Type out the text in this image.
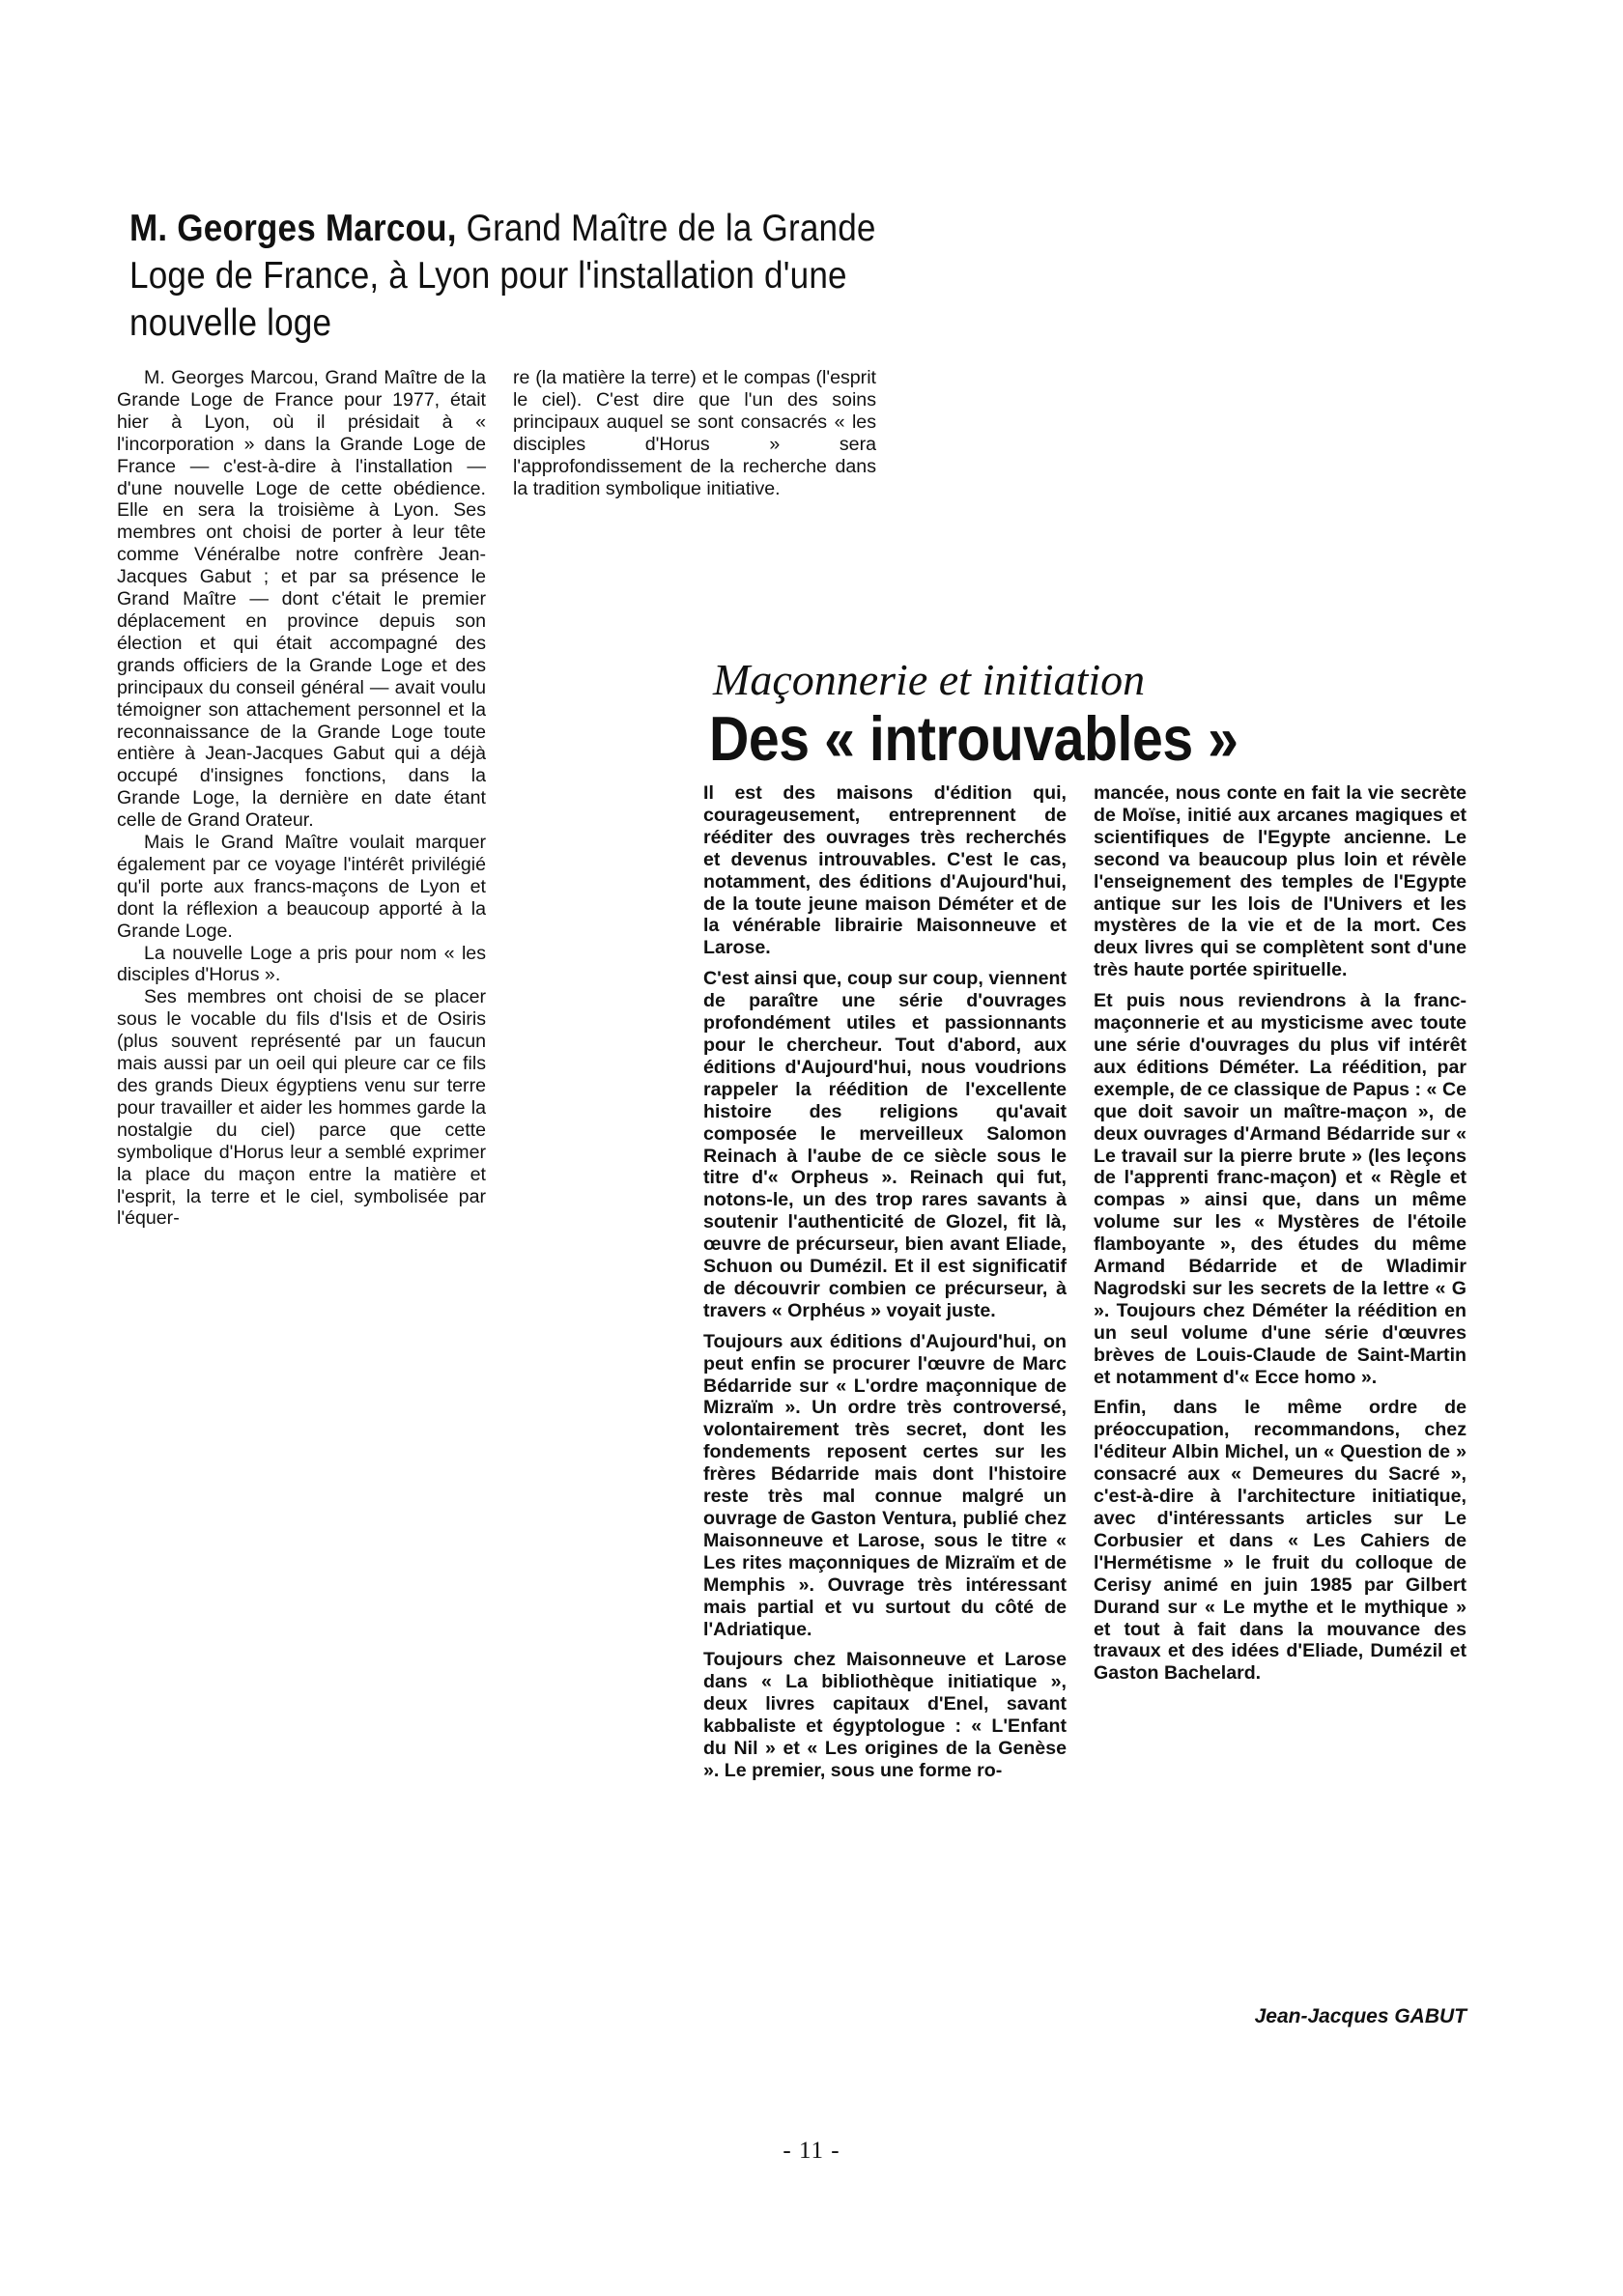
M. Georges Marcou, Grand Maître de la Grande Loge de France, à Lyon pour l'installation d'une nouvelle loge

M. Georges Marcou, Grand Maître de la Grande Loge de France pour 1977, était hier à Lyon, où il présidait à « l'incorporation » dans la Grande Loge de France — c'est-à-dire à l'installation — d'une nouvelle Loge de cette obédience. Elle en sera la troisième à Lyon. Ses membres ont choisi de porter à leur tête comme Vénéralbe notre confrère Jean-Jacques Gabut ; et par sa présence le Grand Maître — dont c'était le premier déplacement en province depuis son élection et qui était accompagné des grands officiers de la Grande Loge et des principaux du conseil général — avait voulu témoigner son attachement personnel et la reconnaissance de la Grande Loge toute entière à Jean-Jacques Gabut qui a déjà occupé d'insignes fonctions, dans la Grande Loge, la dernière en date étant celle de Grand Orateur.

Mais le Grand Maître voulait marquer également par ce voyage l'intérêt privilégié qu'il porte aux francs-maçons de Lyon et dont la réflexion a beaucoup apporté à la Grande Loge.

La nouvelle Loge a pris pour nom « les disciples d'Horus ».

Ses membres ont choisi de se placer sous le vocable du fils d'Isis et de Osiris (plus souvent représenté par un faucun mais aussi par un oeil qui pleure car ce fils des grands Dieux égyptiens venu sur terre pour travailler et aider les hommes garde la nostalgie du ciel) parce que cette symbolique d'Horus leur a semblé exprimer la place du maçon entre la matière et l'esprit, la terre et le ciel, symbolisée par l'équer-

re (la matière la terre) et le compas (l'esprit le ciel). C'est dire que l'un des soins principaux auquel se sont consacrés « les disciples d'Horus » sera l'approfondissement de la recherche dans la tradition symbolique initiative.

Maçonnerie et initiation
Des « introuvables »

Il est des maisons d'édition qui, courageusement, entreprennent de rééditer des ouvrages très recherchés et devenus introuvables. C'est le cas, notamment, des éditions d'Aujourd'hui, de la toute jeune maison Déméter et de la vénérable librairie Maisonneuve et Larose.

C'est ainsi que, coup sur coup, viennent de paraître une série d'ouvrages profondément utiles et passionnants pour le chercheur. Tout d'abord, aux éditions d'Aujourd'hui, nous voudrions rappeler la réédition de l'excellente histoire des religions qu'avait composée le merveilleux Salomon Reinach à l'aube de ce siècle sous le titre d'« Orpheus ». Reinach qui fut, notons-le, un des trop rares savants à soutenir l'authenticité de Glozel, fit là, œuvre de précurseur, bien avant Eliade, Schuon ou Dumézil. Et il est significatif de découvrir combien ce précurseur, à travers « Orphéus » voyait juste.

Toujours aux éditions d'Aujourd'hui, on peut enfin se procurer l'œuvre de Marc Bédarride sur « L'ordre maçonnique de Mizraïm ». Un ordre très controversé, volontairement très secret, dont les fondements reposent certes sur les frères Bédarride mais dont l'histoire reste très mal connue malgré un ouvrage de Gaston Ventura, publié chez Maisonneuve et Larose, sous le titre « Les rites maçonniques de Mizraïm et de Memphis ». Ouvrage très intéressant mais partial et vu surtout du côté de l'Adriatique.

Toujours chez Maisonneuve et Larose dans « La bibliothèque initiatique », deux livres capitaux d'Enel, savant kabbaliste et égyptologue : « L'Enfant du Nil » et « Les origines de la Genèse ». Le premier, sous une forme ro-

mancée, nous conte en fait la vie secrète de Moïse, initié aux arcanes magiques et scientifiques de l'Egypte ancienne. Le second va beaucoup plus loin et révèle l'enseignement des temples de l'Egypte antique sur les lois de l'Univers et les mystères de la vie et de la mort. Ces deux livres qui se complètent sont d'une très haute portée spirituelle.

Et puis nous reviendrons à la franc-maçonnerie et au mysticisme avec toute une série d'ouvrages du plus vif intérêt aux éditions Déméter. La réédition, par exemple, de ce classique de Papus : « Ce que doit savoir un maître-maçon », de deux ouvrages d'Armand Bédarride sur « Le travail sur la pierre brute » (les leçons de l'apprenti franc-maçon) et « Règle et compas » ainsi que, dans un même volume sur les « Mystères de l'étoile flamboyante », des études du même Armand Bédarride et de Wladimir Nagrodski sur les secrets de la lettre « G ». Toujours chez Déméter la réédition en un seul volume d'une série d'œuvres brèves de Louis-Claude de Saint-Martin et notamment d'« Ecce homo ».

Enfin, dans le même ordre de préoccupation, recommandons, chez l'éditeur Albin Michel, un « Question de » consacré aux « Demeures du Sacré », c'est-à-dire à l'architecture initiatique, avec d'intéressants articles sur Le Corbusier et dans « Les Cahiers de l'Hermétisme » le fruit du colloque de Cerisy animé en juin 1985 par Gilbert Durand sur « Le mythe et le mythique » et tout à fait dans la mouvance des travaux et des idées d'Eliade, Dumézil et Gaston Bachelard.

Jean-Jacques GABUT

- 11 -
